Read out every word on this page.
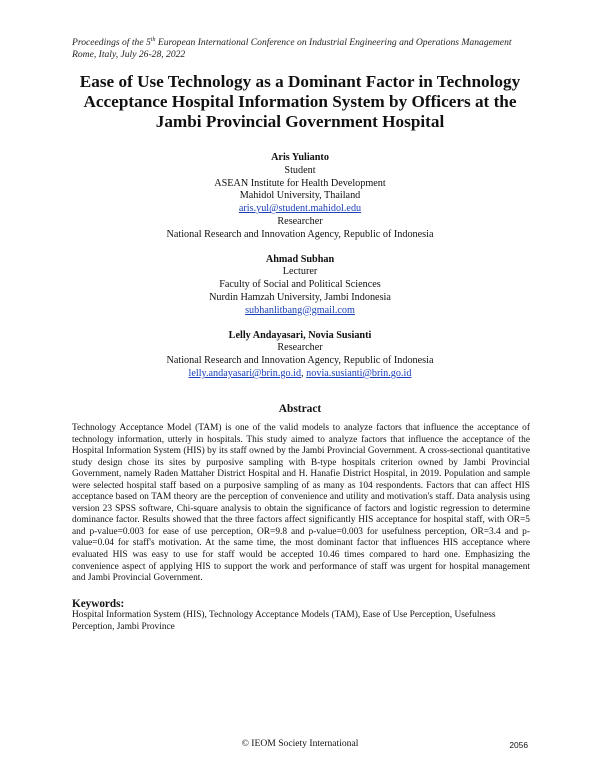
Proceedings of the 5th European International Conference on Industrial Engineering and Operations Management
Rome, Italy, July 26-28, 2022
Ease of Use Technology as a Dominant Factor in Technology Acceptance Hospital Information System by Officers at the Jambi Provincial Government Hospital
Aris Yulianto
Student
ASEAN Institute for Health Development
Mahidol University, Thailand
aris.yul@student.mahidol.edu
Researcher
National Research and Innovation Agency, Republic of Indonesia
Ahmad Subhan
Lecturer
Faculty of Social and Political Sciences
Nurdin Hamzah University, Jambi Indonesia
subhanlitbang@gmail.com
Lelly Andayasari, Novia Susianti
Researcher
National Research and Innovation Agency, Republic of Indonesia
lelly.andayasari@brin.go.id, novia.susianti@brin.go.id
Abstract
Technology Acceptance Model (TAM) is one of the valid models to analyze factors that influence the acceptance of technology information, utterly in hospitals. This study aimed to analyze factors that influence the acceptance of the Hospital Information System (HIS) by its staff owned by the Jambi Provincial Government. A cross-sectional quantitative study design chose its sites by purposive sampling with B-type hospitals criterion owned by Jambi Provincial Government, namely Raden Mattaher District Hospital and H. Hanafie District Hospital, in 2019. Population and sample were selected hospital staff based on a purposive sampling of as many as 104 respondents. Factors that can affect HIS acceptance based on TAM theory are the perception of convenience and utility and motivation's staff. Data analysis using version 23 SPSS software, Chi-square analysis to obtain the significance of factors and logistic regression to determine dominance factor. Results showed that the three factors affect significantly HIS acceptance for hospital staff, with OR=5 and p-value=0.003 for ease of use perception, OR=9.8 and p-value=0.003 for usefulness perception, OR=3.4 and p-value=0.04 for staff's motivation. At the same time, the most dominant factor that influences HIS acceptance where evaluated HIS was easy to use for staff would be accepted 10.46 times compared to hard one. Emphasizing the convenience aspect of applying HIS to support the work and performance of staff was urgent for hospital management and Jambi Provincial Government.
Keywords:
Hospital Information System (HIS), Technology Acceptance Models (TAM), Ease of Use Perception, Usefulness Perception, Jambi Province
© IEOM Society International	2056
